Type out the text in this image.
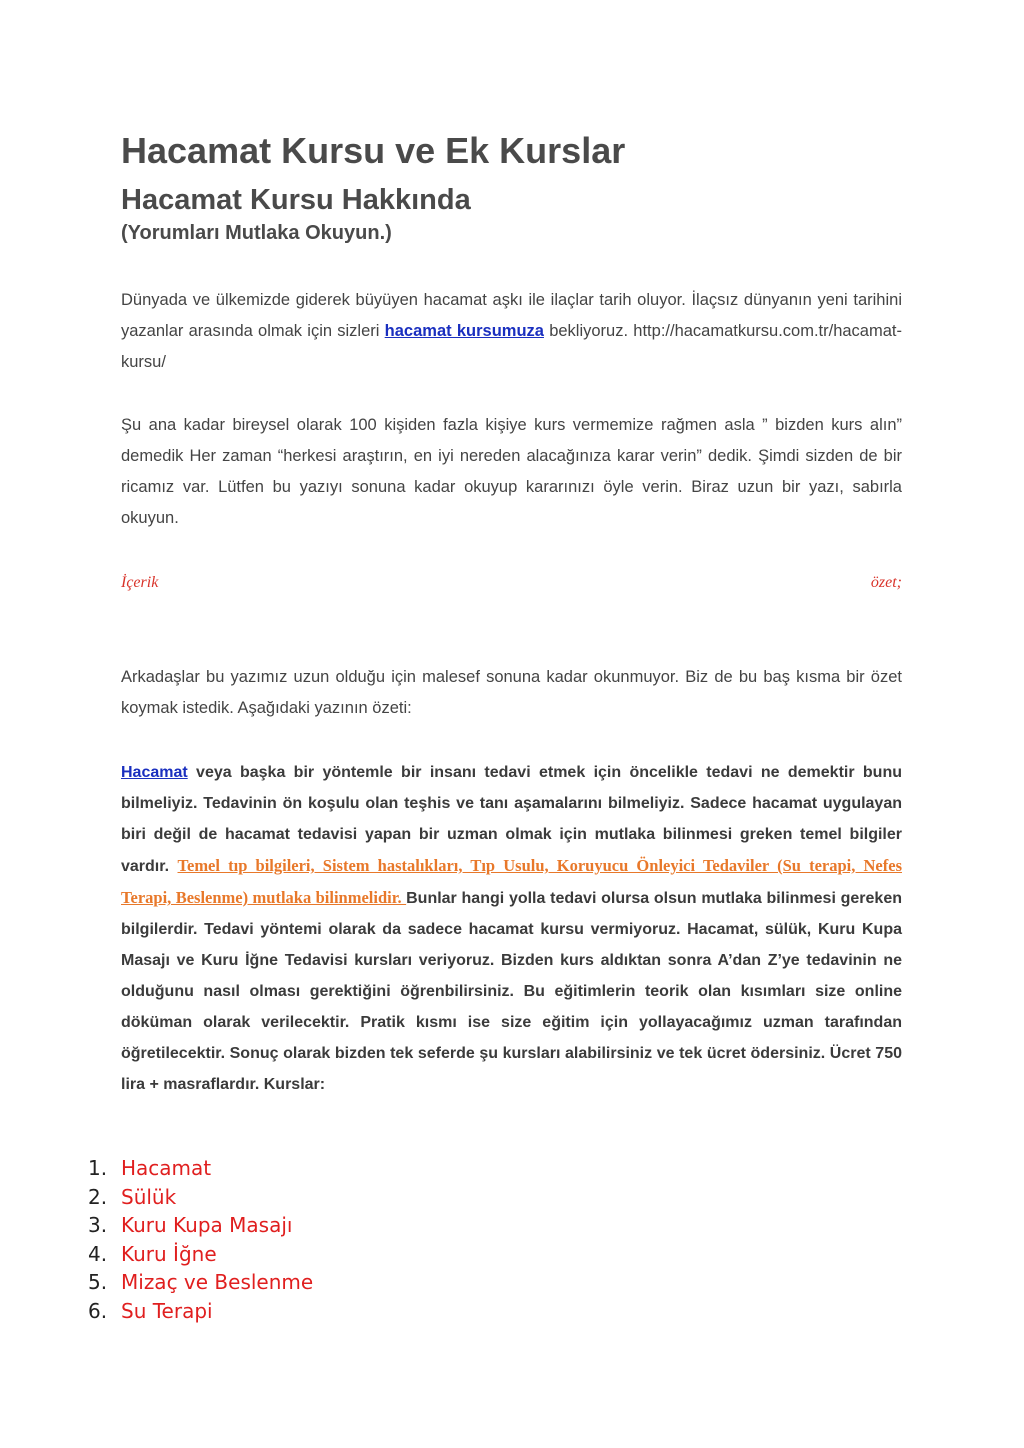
Hacamat Kursu ve Ek Kurslar
Hacamat Kursu Hakkında
(Yorumları Mutlaka Okuyun.)

Dünyada ve ülkemizde giderek büyüyen hacamat aşkı ile ilaçlar tarih oluyor. İlaçsız dünyanın yeni tarihini yazanlar arasında olmak için sizleri hacamat kursumuza bekliyoruz. http://hacamatkursu.com.tr/hacamat-kursu/

Şu ana kadar bireysel olarak 100 kişiden fazla kişiye kurs vermemize rağmen asla ” bizden kurs alın” demedik Her zaman “herkesi araştırın, en iyi nereden alacağınıza karar verin” dedik. Şimdi sizden de bir ricamız var. Lütfen bu yazıyı sonuna kadar okuyup kararınızı öyle verin. Biraz uzun bir yazı, sabırla okuyun.

İçerik	özet;

Arkadaşlar bu yazımız uzun olduğu için malesef sonuna kadar okunmuyor. Biz de bu baş kısma bir özet koymak istedik. Aşağıdaki yazının özeti:

Hacamat veya başka bir yöntemle bir insanı tedavi etmek için öncelikle tedavi ne demektir bunu bilmeliyiz. Tedavinin ön koşulu olan teşhis ve tanı aşamalarını bilmeliyiz. Sadece hacamat uygulayan biri değil de hacamat tedavisi yapan bir uzman olmak için mutlaka bilinmesi greken temel bilgiler vardır. Temel tıp bilgileri, Sistem hastalıkları, Tıp Usulu, Koruyucu Önleyici Tedaviler (Su terapi, Nefes Terapi, Beslenme) mutlaka bilinmelidir. Bunlar hangi yolla tedavi olursa olsun mutlaka bilinmesi gereken bilgilerdir. Tedavi yöntemi olarak da sadece hacamat kursu vermiyoruz. Hacamat, sülük, Kuru Kupa Masajı ve Kuru İğne Tedavisi kursları veriyoruz. Bizden kurs aldıktan sonra A’dan Z’ye tedavinin ne olduğunu nasıl olması gerektiğini öğrenbilirsiniz. Bu eğitimlerin teorik olan kısımları size online döküman olarak verilecektir. Pratik kısmı ise size eğitim için yollayacağımız uzman tarafından öğretilecektir. Sonuç olarak bizden tek seferde şu kursları alabilirsiniz ve tek ücret ödersiniz. Ücret 750 lira + masraflardır. Kurslar:

1. Hacamat
2. Sülük
3. Kuru Kupa Masajı
4. Kuru İğne
5. Mizaç ve Beslenme
6. Su Terapi
